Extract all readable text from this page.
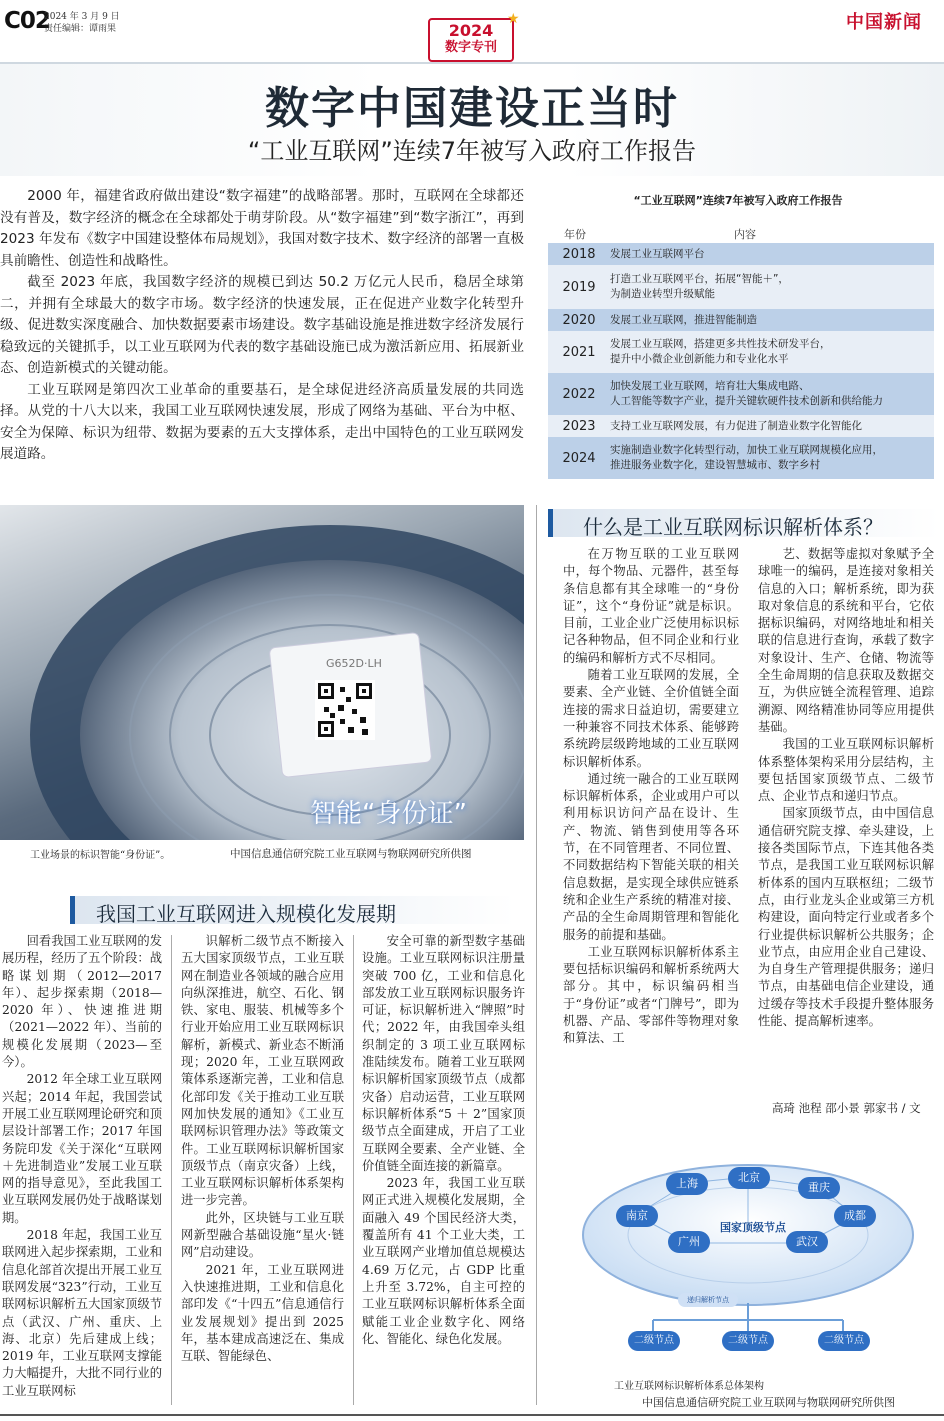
C02
2024 年 3 月 9 日
责任编辑：谭雨果	2024
数字专刊
★	中国新闻
数字中国建设正当时
“工业互联网”连续7年被写入政府工作报告

2000 年，福建省政府做出建设“数字福建”的战略部署。那时，互联网在全球都还没有普及，数字经济的概念在全球都处于萌芽阶段。从“数字福建”到“数字浙江”，再到 2023 年发布《数字中国建设整体布局规划》，我国对数字技术、数字经济的部署一直极具前瞻性、创造性和战略性。

截至 2023 年底，我国数字经济的规模已到达 50.2 万亿元人民币，稳居全球第二，并拥有全球最大的数字市场。数字经济的快速发展，正在促进产业数字化转型升级、促进数实深度融合、加快数据要素市场建设。数字基础设施是推进数字经济发展行稳致远的关键抓手，以工业互联网为代表的数字基础设施已成为激活新应用、拓展新业态、创造新模式的关键动能。

工业互联网是第四次工业革命的重要基石，是全球促进经济高质量发展的共同选择。从党的十八大以来，我国工业互联网快速发展，形成了网络为基础、平台为中枢、安全为保障、标识为纽带、数据为要素的五大支撑体系，走出中国特色的工业互联网发展道路。

“工业互联网”连续7年被写入政府工作报告
年份	内容
2018	发展工业互联网平台
2019	打造工业互联网平台，拓展“智能＋”，
为制造业转型升级赋能

2020	发展工业互联网，推进智能制造
2021	发展工业互联网，搭建更多共性技术研发平台，
提升中小微企业创新能力和专业化水平

2022	加快发展工业互联网，培育壮大集成电路、
人工智能等数字产业，提升关键软硬件技术创新和供给能力

2023	支持工业互联网发展，有力促进了制造业数字化智能化
2024	实施制造业数字化转型行动，加快工业互联网规模化应用，
推进服务业数字化，建设智慧城市、数字乡村
G652D·LH
智能“身份证”
工业场景的标识智能“身份证”。	中国信息通信研究院工业互联网与物联网研究所供图
我国工业互联网进入规模化发展期

回看我国工业互联网的发展历程，经历了五个阶段：战略谋划期（2012—2017 年）、起步探索期（2018—2020 年）、快速推进期（2021—2022 年）、当前的规模化发展期（2023—至今）。

2012 年全球工业互联网兴起；2014 年起，我国尝试开展工业互联网理论研究和顶层设计部署工作；2017 年国务院印发《关于深化“互联网＋先进制造业”发展工业互联网的指导意见》，至此我国工业互联网发展仍处于战略谋划期。

2018 年起，我国工业互联网进入起步探索期，工业和信息化部首次提出开展工业互联网发展“323”行动，工业互联网标识解析五大国家顶级节点（武汉、广州、重庆、上海、北京）先后建成上线；2019 年，工业互联网支撑能力大幅提升，大批不同行业的工业互联网标

识解析二级节点不断接入五大国家顶级节点，工业互联网在制造业各领域的融合应用向纵深推进，航空、石化、钢铁、家电、服装、机械等多个行业开始应用工业互联网标识解析，新模式、新业态不断涌现；2020 年，工业互联网政策体系逐渐完善，工业和信息化部印发《关于推动工业互联网加快发展的通知》《工业互联网标识管理办法》等政策文件。工业互联网标识解析国家顶级节点（南京灾备）上线，工业互联网标识解析体系架构进一步完善。

此外，区块链与工业互联网新型融合基础设施“星火·链网”启动建设。

2021 年，工业互联网进入快速推进期，工业和信息化部印发《“十四五”信息通信行业发展规划》提出到 2025 年，基本建成高速泛在、集成互联、智能绿色、

安全可靠的新型数字基础设施。工业互联网标识注册量突破 700 亿，工业和信息化部发放工业互联网标识服务许可证，标识解析进入“牌照”时代；2022 年，由我国牵头组织制定的 3 项工业互联网标准陆续发布。随着工业互联网标识解析国家顶级节点（成都灾备）启动运营，工业互联网标识解析体系“5 ＋ 2”国家顶级节点全面建成，开启了工业互联网全要素、全产业链、全价值链全面连接的新篇章。

2023 年，我国工业互联网正式进入规模化发展期，全面融入 49 个国民经济大类，覆盖所有 41 个工业大类，工业互联网产业增加值总规模达 4.69 万亿元，占 GDP 比重上升至 3.72%，自主可控的工业互联网标识解析体系全面赋能工业企业数字化、网络化、智能化、绿色化发展。

什么是工业互联网标识解析体系？

在万物互联的工业互联网中，每个物品、元器件，甚至每条信息都有其全球唯一的“身份证”，这个“身份证”就是标识。目前，工业企业广泛使用标识标记各种物品，但不同企业和行业的编码和解析方式不尽相同。

随着工业互联网的发展，全要素、全产业链、全价值链全面连接的需求日益迫切，需要建立一种兼容不同技术体系、能够跨系统跨层级跨地域的工业互联网标识解析体系。

通过统一融合的工业互联网标识解析体系，企业或用户可以利用标识访问产品在设计、生产、物流、销售到使用等各环节，在不同管理者、不同位置、不同数据结构下智能关联的相关信息数据，是实现全球供应链系统和企业生产系统的精准对接、产品的全生命周期管理和智能化服务的前提和基础。

工业互联网标识解析体系主要包括标识编码和解析系统两大部分。其中，标识编码相当于“身份证”或者“门牌号”，即为机器、产品、零部件等物理对象和算法、工

艺、数据等虚拟对象赋予全球唯一的编码，是连接对象相关信息的入口；解析系统，即为获取对象信息的系统和平台，它依据标识编码，对网络地址和相关联的信息进行查询，承载了数字对象设计、生产、仓储、物流等全生命周期的信息获取及数据交互，为供应链全流程管理、追踪溯源、网络精准协同等应用提供基础。

我国的工业互联网标识解析体系整体架构采用分层结构，主要包括国家顶级节点、二级节点、企业节点和递归节点。

国家顶级节点，由中国信息通信研究院支撑、牵头建设，上接各类国际节点，下连其他各类节点，是我国工业互联网标识解析体系的国内互联枢纽；二级节点，由行业龙头企业或第三方机构建设，面向特定行业或者多个行业提供标识解析公共服务；企业节点，由应用企业自己建设、为自身生产管理提供服务；递归节点，由基础电信企业建设，通过缓存等技术手段提升整体服务性能、提高解析速率。

高琦 池程 邵小景 郭家书 / 文
北京
上海	重庆
南京	成都
广州	武汉
国家顶级节点
递归解析节点
二级节点	二级节点	二级节点
工业互联网标识解析体系总体架构
中国信息通信研究院工业互联网与物联网研究所供图
